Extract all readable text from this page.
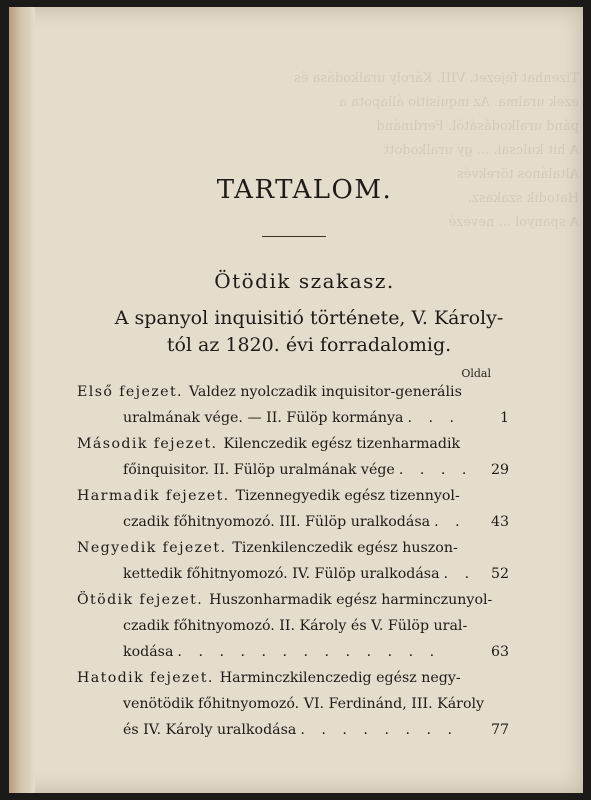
Tizenhat fejezet. VIII. Károly uralkodása és
ezek uralma. Az inquisitio állapota a
pánd uralkodásától. Ferdinánd
A hit kulcsai. ... gy uralkodott
Altalános törekvés
Hatodik szakasz.
A spanyol ... nevezé
TARTALOM.
Ötödik szakasz.
A spanyol inquisitió története, V. Károly-
tól az 1820. évi forradalomig.
Oldal
Első fejezet. Valdez nyolczadik inquisitor-generális
uralmának vége. — II. Fülöp kormánya . . .	1
Második fejezet. Kilenczedik egész tizenharmadik
főinquisitor. II. Fülöp uralmának vége . . . .	29
Harmadik fejezet. Tizennegyedik egész tizennyol-
czadik főhitnyomozó. III. Fülöp uralkodása . .	43
Negyedik fejezet. Tizenkilenczedik egész huszon-
kettedik főhitnyomozó. IV. Fülöp uralkodása . .	52
Ötödik fejezet. Huszonharmadik egész harminczunyol-
czadik főhitnyomozó. II. Károly és V. Fülöp ural-
kodása . . . . . . . . . . . . .	63
Hatodik fejezet. Harminczkilenczedig egész negy-
venötödik főhitnyomozó. VI. Ferdinánd, III. Károly
és IV. Károly uralkodása . . . . . . . .	77
